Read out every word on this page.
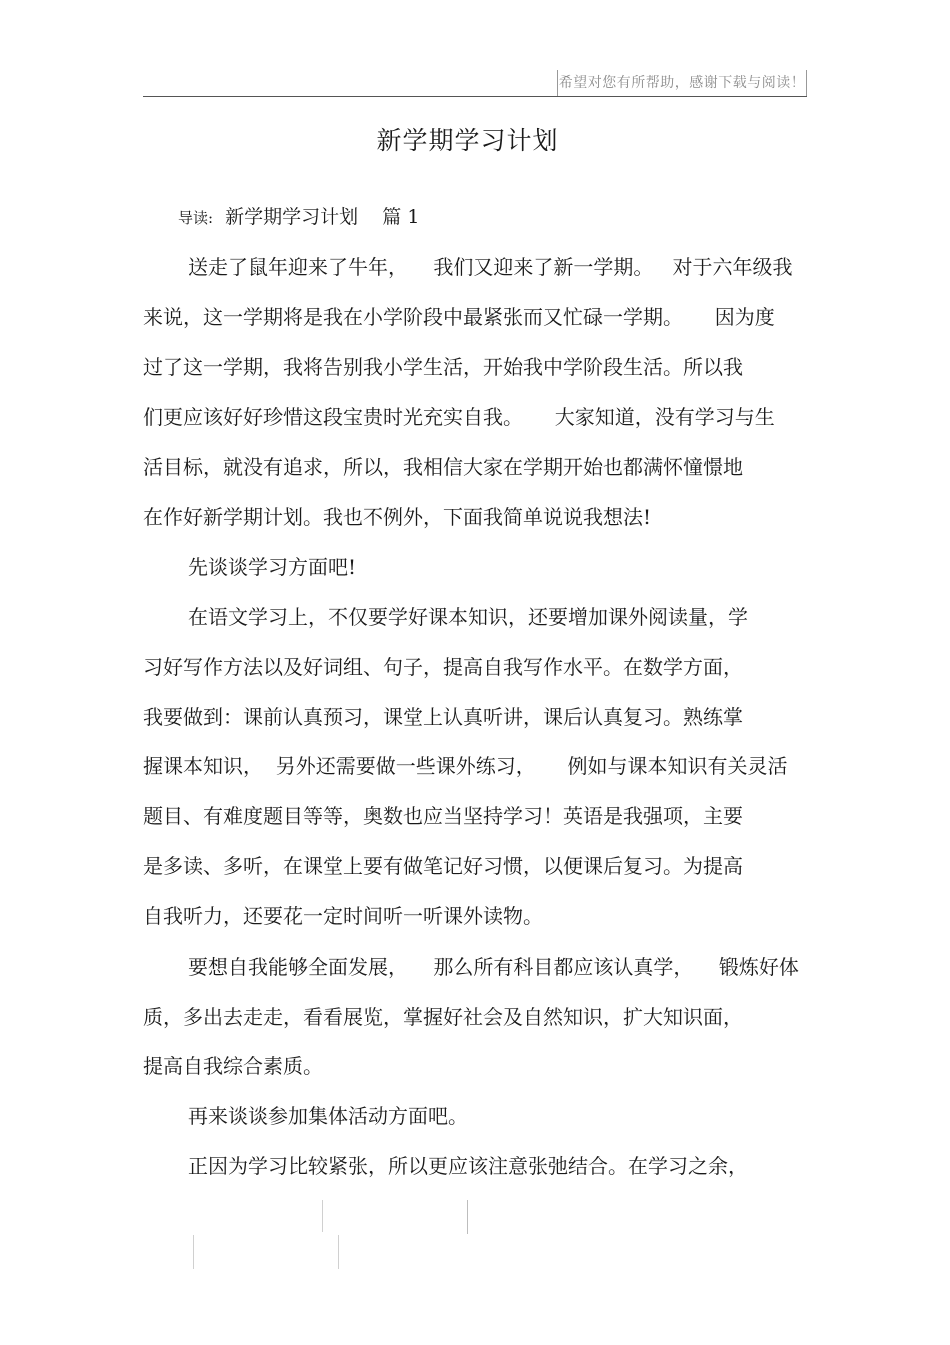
希望对您有所帮助，感谢下载与阅读！
新学期学习计划
导读:  新学期学习计划    篇 1
送走了鼠年迎来了牛年，    我们又迎来了新一学期。   对于六年级我
来说，这一学期将是我在小学阶段中最紧张而又忙碌一学期。     因为度
过了这一学期，我将告别我小学生活，开始我中学阶段生活。所以我
们更应该好好珍惜这段宝贵时光充实自我。     大家知道，没有学习与生
活目标，就没有追求，所以，我相信大家在学期开始也都满怀憧憬地
在作好新学期计划。我也不例外，下面我简单说说我想法!
先谈谈学习方面吧!
在语文学习上，不仅要学好课本知识，还要增加课外阅读量，学
习好写作方法以及好词组、句子，提高自我写作水平。在数学方面，
我要做到：课前认真预习，课堂上认真听讲，课后认真复习。熟练掌
握课本知识，  另外还需要做一些课外练习，     例如与课本知识有关灵活
题目、有难度题目等等，奥数也应当坚持学习！英语是我强项，主要
是多读、多听，在课堂上要有做笔记好习惯，以便课后复习。为提高
自我听力，还要花一定时间听一听课外读物。
要想自我能够全面发展，    那么所有科目都应该认真学，    锻炼好体
质，多出去走走，看看展览，掌握好社会及自然知识，扩大知识面，
提高自我综合素质。
再来谈谈参加集体活动方面吧。
正因为学习比较紧张，所以更应该注意张弛结合。在学习之余，
